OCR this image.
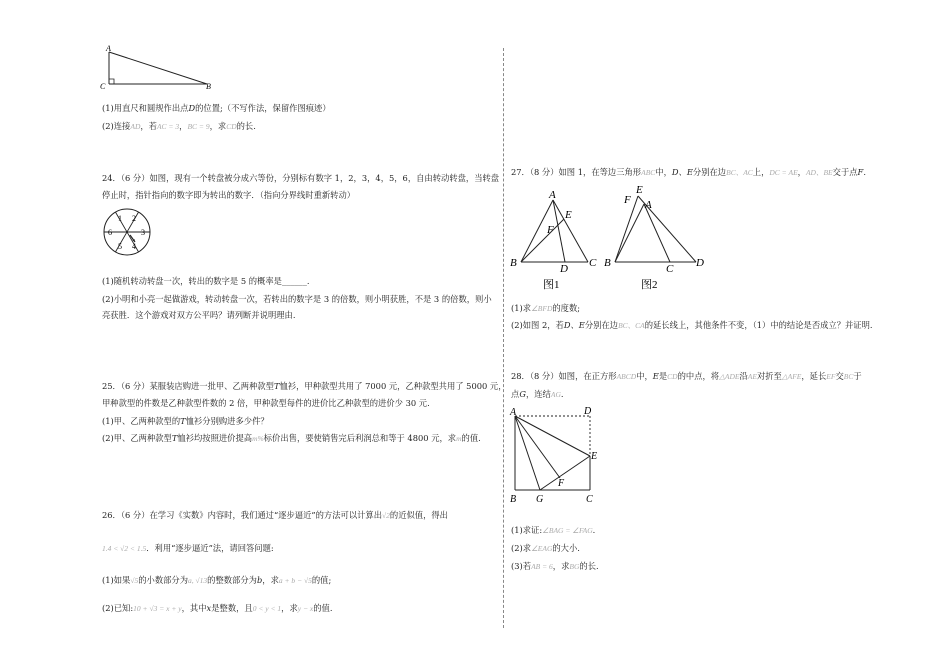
A
C	B
(1)用直尺和圆规作出点D的位置;（不写作法，保留作图痕迹）
(2)连接AD，若AC = 3，BC = 9，求CD的长.
24．（6 分）如图，现有一个转盘被分成六等份，分别标有数字 1，2，3，4，5，6，自由转动转盘，当转盘
停止时，指针指向的数字即为转出的数字．（指向分界线时重新转动）
1 2
3
4
5
6
(1)随机转动转盘一次，转出的数字是 5 的概率是______.
(2)小明和小亮一起做游戏，转动转盘一次，若转出的数字是 3 的倍数，则小明获胜，不是 3 的倍数，则小
亮获胜．这个游戏对双方公平吗？请列断并说明理由.
25．（6 分）某服装店购进一批甲、乙两种款型T恤衫，甲种款型共用了 7000 元，乙种款型共用了 5000 元，
甲种款型的件数是乙种款型件数的 2 倍，甲种款型每件的进价比乙种款型的进价少 30 元.
(1)甲、乙两种款型的T恤衫分别购进多少件？
(2)甲、乙两种款型T恤衫均按照进价提高m%标价出售，要使销售完后利润总和等于 4800 元，求m的值.
26．（6 分）在学习《实数》内容时，我们通过“逐步逼近”的方法可以计算出√2的近似值，得出
1.4 < √2 < 1.5．利用“逐步逼近”法，请回答问题:
(1)如果√5的小数部分为a, √13的整数部分为b，求a + b − √5的值;
(2)已知:10 + √3 = x + y，其中x是整数，且0 < y < 1，求y − x的值.
27．（8 分）如图 1，在等边三角形ABC中，D、E分别在边BC、AC上，DC = AE，AD、BE交于点F.
A
E
F
B	D C
图1
F
E
A
B	C D
图2
(1)求∠BFD的度数;
(2)如图 2，若D、E分别在边BC、CA的延长线上，其他条件不变，（1）中的结论是否成立？并证明.
28．（8 分）如图，在正方形ABCD中，E是CD的中点，将△ADE沿AE对折至△AFE，延长EF交BC于
点G，连结AG.
A	D
E
F
B G	C
(1)求证:∠BAG = ∠FAG.
(2)求∠EAG的大小.
(3)若AB = 6，求BG的长.
